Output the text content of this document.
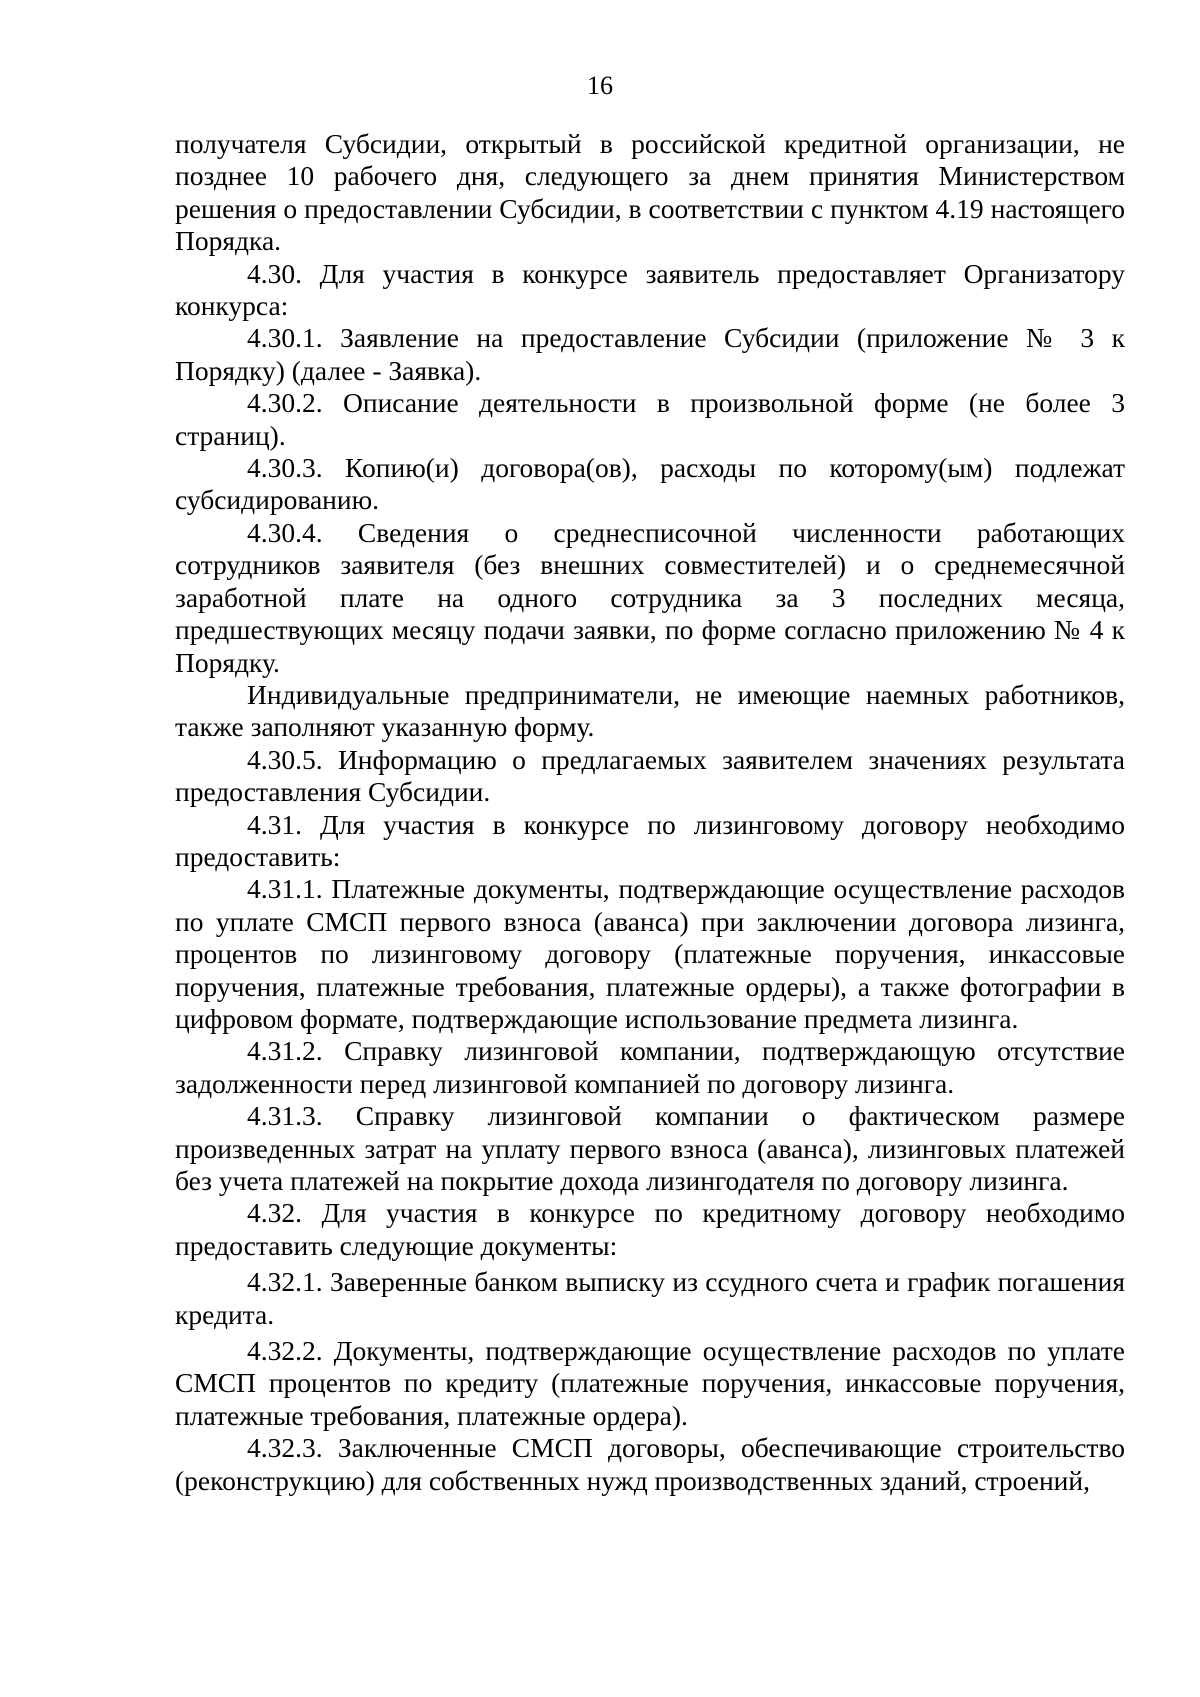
16

получателя Субсидии, открытый в российской кредитной организации, не позднее 10 рабочего дня, следующего за днем принятия Министерством решения о предоставлении Субсидии, в соответствии с пунктом 4.19 настоящего Порядка.

4.30. Для участия в конкурсе заявитель предоставляет Организатору конкурса:

4.30.1. Заявление на предоставление Субсидии (приложение № 3 к Порядку) (далее - Заявка).

4.30.2. Описание деятельности в произвольной форме (не более 3 страниц).

4.30.3. Копию(и) договора(ов), расходы по которому(ым) подлежат субсидированию.

4.30.4. Сведения о среднесписочной численности работающих сотрудников заявителя (без внешних совместителей) и о среднемесячной заработной плате на одного сотрудника за 3 последних месяца, предшествующих месяцу подачи заявки, по форме согласно приложению № 4 к Порядку.

Индивидуальные предприниматели, не имеющие наемных работников, также заполняют указанную форму.

4.30.5. Информацию о предлагаемых заявителем значениях результата предоставления Субсидии.

4.31. Для участия в конкурсе по лизинговому договору необходимо предоставить:

4.31.1. Платежные документы, подтверждающие осуществление расходов по уплате СМСП первого взноса (аванса) при заключении договора лизинга, процентов по лизинговому договору (платежные поручения, инкассовые поручения, платежные требования, платежные ордеры), а также фотографии в цифровом формате, подтверждающие использование предмета лизинга.

4.31.2. Справку лизинговой компании, подтверждающую отсутствие задолженности перед лизинговой компанией по договору лизинга.

4.31.3. Справку лизинговой компании о фактическом размере произведенных затрат на уплату первого взноса (аванса), лизинговых платежей без учета платежей на покрытие дохода лизингодателя по договору лизинга.

4.32. Для участия в конкурсе по кредитному договору необходимо предоставить следующие документы:

4.32.1. Заверенные банком выписку из ссудного счета и график погашения кредита.

4.32.2. Документы, подтверждающие осуществление расходов по уплате СМСП процентов по кредиту (платежные поручения, инкассовые поручения, платежные требования, платежные ордера).

4.32.3. Заключенные СМСП договоры, обеспечивающие строительство (реконструкцию) для собственных нужд производственных зданий, строений,
